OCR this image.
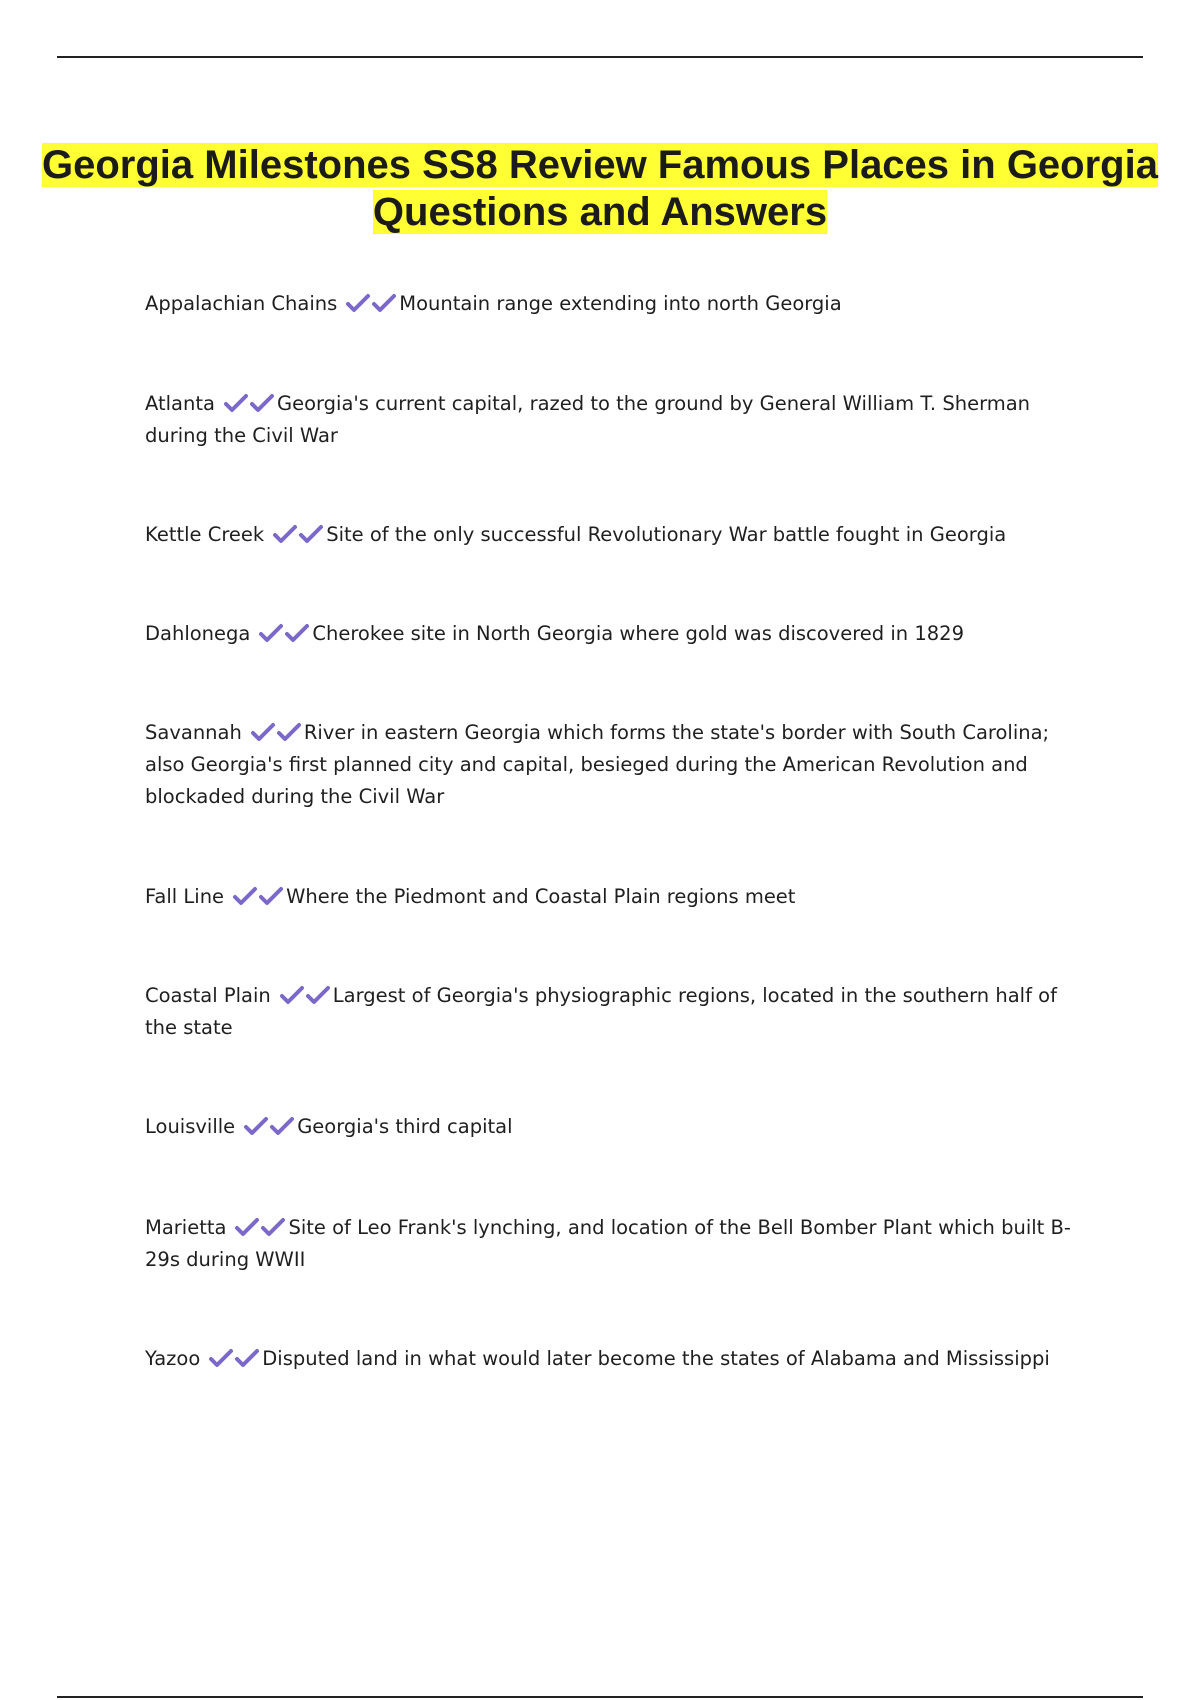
Georgia Milestones SS8 Review Famous Places in Georgia Questions and Answers
Appalachian Chains	Mountain range extending into north Georgia
Atlanta	Georgia's current capital, razed to the ground by General William T. Sherman during the Civil War
Kettle Creek	Site of the only successful Revolutionary War battle fought in Georgia
Dahlonega	Cherokee site in North Georgia where gold was discovered in 1829
Savannah	River in eastern Georgia which forms the state's border with South Carolina; also Georgia's first planned city and capital, besieged during the American Revolution and blockaded during the Civil War
Fall Line	Where the Piedmont and Coastal Plain regions meet
Coastal Plain	Largest of Georgia's physiographic regions, located in the southern half of the state
Louisville	Georgia's third capital
Marietta	Site of Leo Frank's lynching, and location of the Bell Bomber Plant which built B-29s during WWII
Yazoo	Disputed land in what would later become the states of Alabama and Mississippi
